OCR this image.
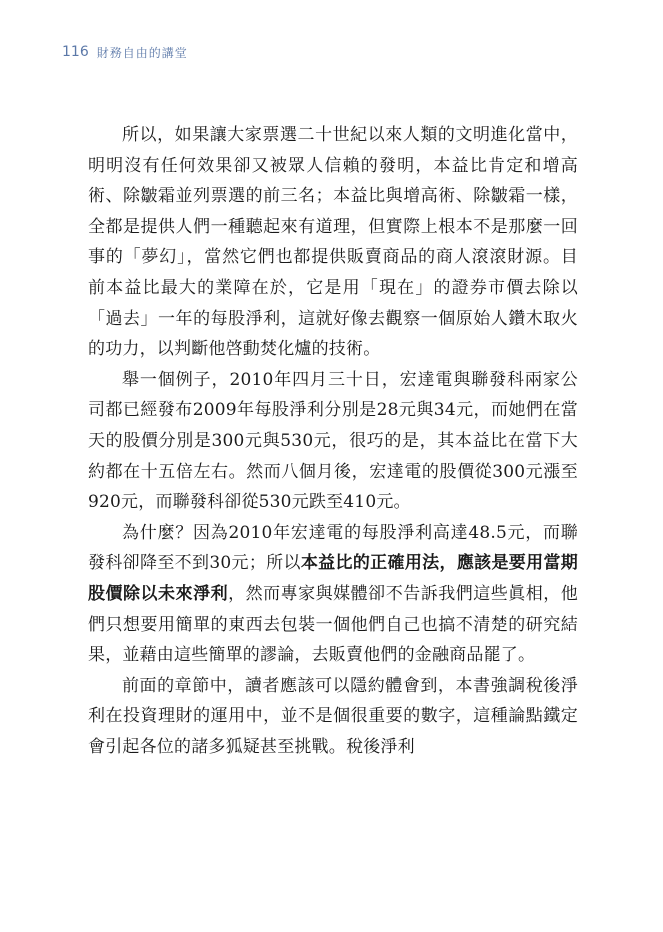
116 財務自由的講堂

所以，如果讓大家票選二十世紀以來人類的文明進化當中，明明沒有任何效果卻又被眾人信賴的發明，本益比肯定和增高術、除皺霜並列票選的前三名；本益比與增高術、除皺霜一樣，全都是提供人們一種聽起來有道理，但實際上根本不是那麼一回事的「夢幻」，當然它們也都提供販賣商品的商人滾滾財源。目前本益比最大的業障在於，它是用「現在」的證券市價去除以「過去」一年的每股淨利，這就好像去觀察一個原始人鑽木取火的功力，以判斷他啓動焚化爐的技術。

舉一個例子，2010年四月三十日，宏達電與聯發科兩家公司都已經發布2009年每股淨利分別是28元與34元，而她們在當天的股價分別是300元與530元，很巧的是，其本益比在當下大約都在十五倍左右。然而八個月後，宏達電的股價從300元漲至920元，而聯發科卻從530元跌至410元。

為什麼？因為2010年宏達電的每股淨利高達48.5元，而聯發科卻降至不到30元；所以本益比的正確用法，應該是要用當期股價除以未來淨利，然而專家與媒體卻不告訴我們這些眞相，他們只想要用簡單的東西去包裝一個他們自己也搞不清楚的研究結果，並藉由這些簡單的謬論，去販賣他們的金融商品罷了。

前面的章節中，讀者應該可以隱約體會到，本書強調稅後淨利在投資理財的運用中，並不是個很重要的數字，這種論點鐵定會引起各位的諸多狐疑甚至挑戰。稅後淨利
